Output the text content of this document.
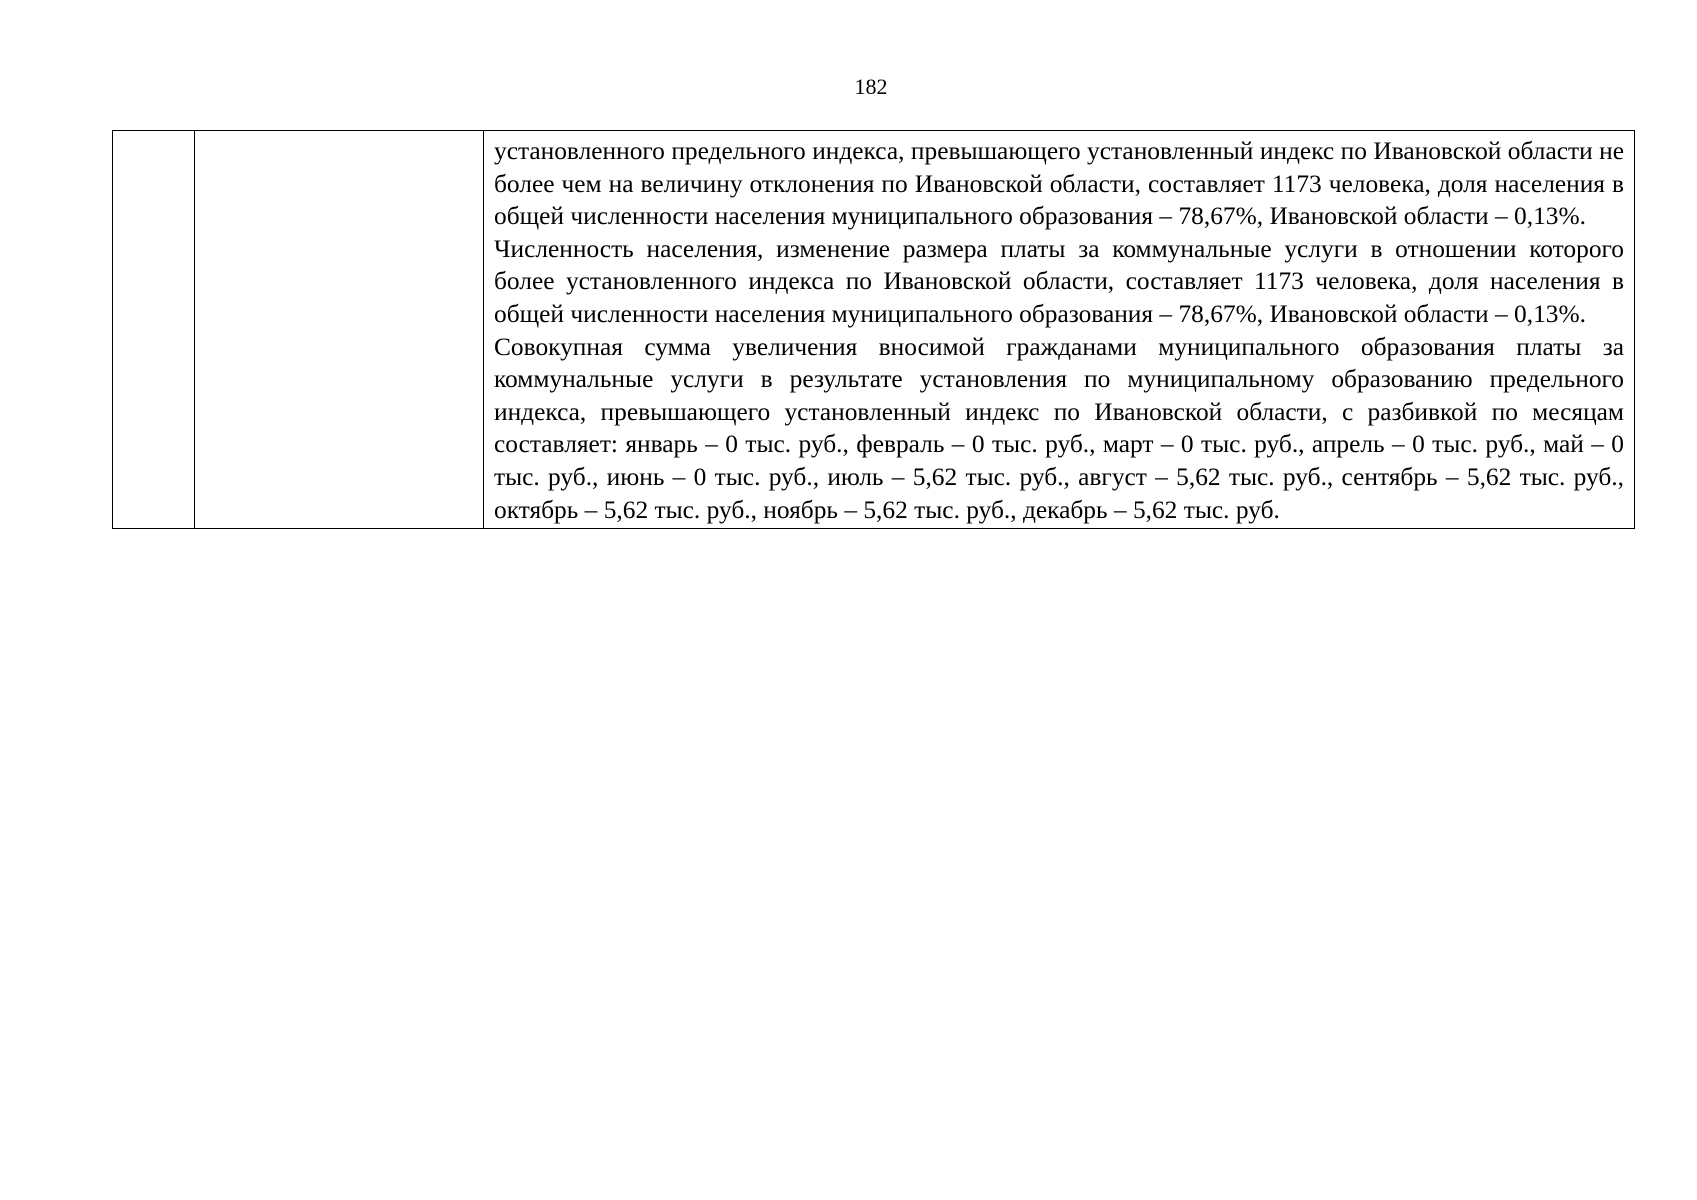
182

установленного предельного индекса, превышающего установленный индекс по Ивановской области не более чем на величину отклонения по Ивановской области, составляет 1173 человека, доля населения в общей численности населения муниципального образования – 78,67%, Ивановской области – 0,13%.

Численность населения, изменение размера платы за коммунальные услуги в отношении которого более установленного индекса по Ивановской области, составляет 1173 человека, доля населения в общей численности населения муниципального образования – 78,67%, Ивановской области – 0,13%.

Совокупная сумма увеличения вносимой гражданами муниципального образования платы за коммунальные услуги в результате установления по муниципальному образованию предельного индекса, превышающего установленный индекс по Ивановской области, с разбивкой по месяцам составляет: январь – 0 тыс. руб., февраль – 0 тыс. руб., март – 0 тыс. руб., апрель – 0 тыс. руб., май – 0 тыс. руб., июнь – 0 тыс. руб., июль – 5,62 тыс. руб., август – 5,62 тыс. руб., сентябрь – 5,62 тыс. руб., октябрь – 5,62 тыс. руб., ноябрь – 5,62 тыс. руб., декабрь – 5,62 тыс. руб.
